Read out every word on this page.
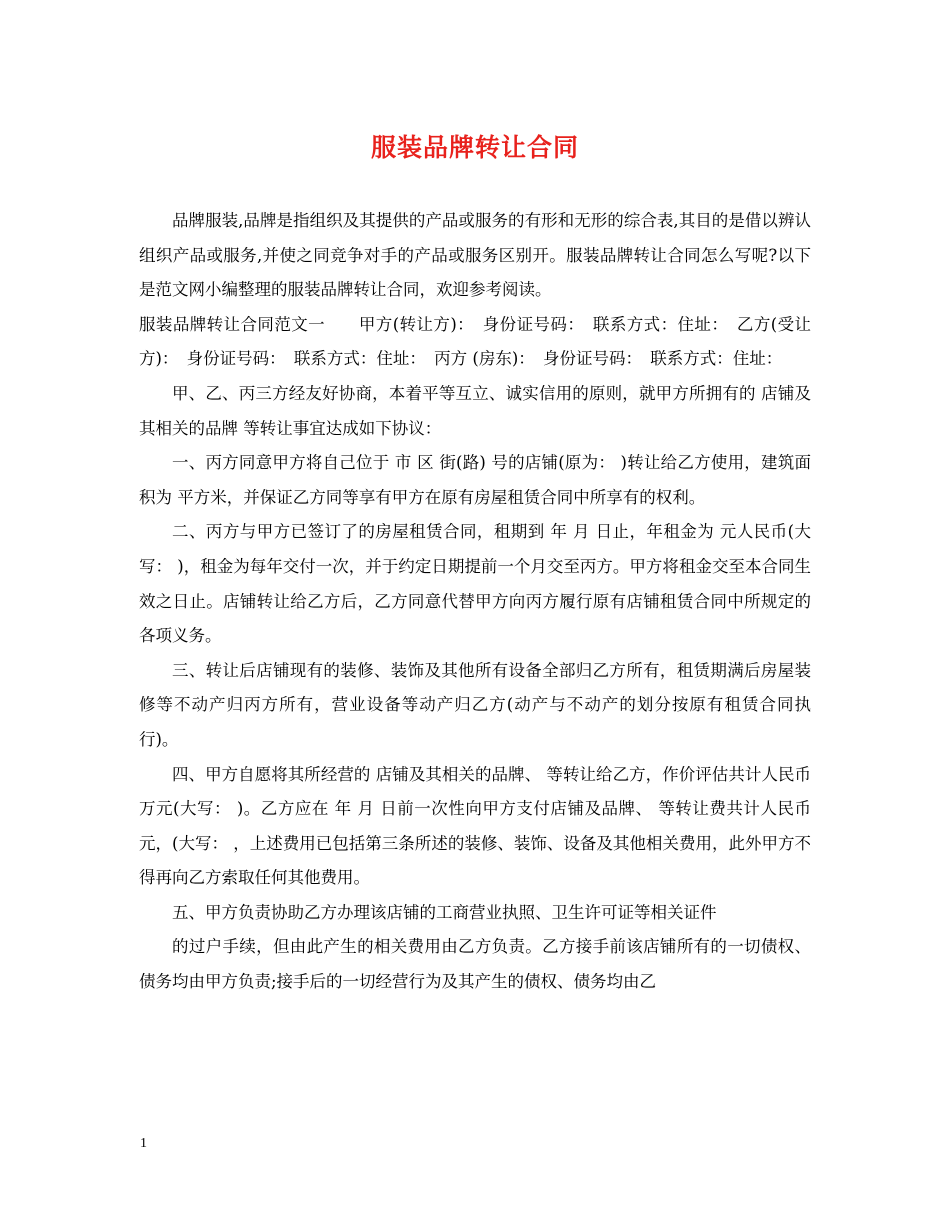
服装品牌转让合同

品牌服装,品牌是指组织及其提供的产品或服务的有形和无形的综合表,其目的是借以辨认组织产品或服务,并使之同竞争对手的产品或服务区别开。服装品牌转让合同怎么写呢?以下是范文网小编整理的服装品牌转让合同，欢迎参考阅读。

服装品牌转让合同范文一　　甲方(转让方)：　身份证号码：　联系方式：住址：　乙方(受让方)：　身份证号码：　联系方式：住址：　丙方 (房东)：　身份证号码：　联系方式：住址：

甲、乙、丙三方经友好协商，本着平等互立、诚实信用的原则，就甲方所拥有的 店铺及其相关的品牌 等转让事宜达成如下协议：

一、丙方同意甲方将自己位于 市 区 街(路) 号的店铺(原为： )转让给乙方使用，建筑面积为 平方米，并保证乙方同等享有甲方在原有房屋租赁合同中所享有的权利。

二、丙方与甲方已签订了的房屋租赁合同，租期到 年 月 日止，年租金为 元人民币(大写： )，租金为每年交付一次，并于约定日期提前一个月交至丙方。甲方将租金交至本合同生效之日止。店铺转让给乙方后，乙方同意代替甲方向丙方履行原有店铺租赁合同中所规定的各项义务。

三、转让后店铺现有的装修、装饰及其他所有设备全部归乙方所有，租赁期满后房屋装修等不动产归丙方所有，营业设备等动产归乙方(动产与不动产的划分按原有租赁合同执行)。

四、甲方自愿将其所经营的 店铺及其相关的品牌、 等转让给乙方，作价评估共计人民币 万元(大写： )。乙方应在 年 月 日前一次性向甲方支付店铺及品牌、 等转让费共计人民币 元，(大写： ，上述费用已包括第三条所述的装修、装饰、设备及其他相关费用，此外甲方不得再向乙方索取任何其他费用。

五、甲方负责协助乙方办理该店铺的工商营业执照、卫生许可证等相关证件

的过户手续，但由此产生的相关费用由乙方负责。乙方接手前该店铺所有的一切债权、债务均由甲方负责;接手后的一切经营行为及其产生的债权、债务均由乙

1
